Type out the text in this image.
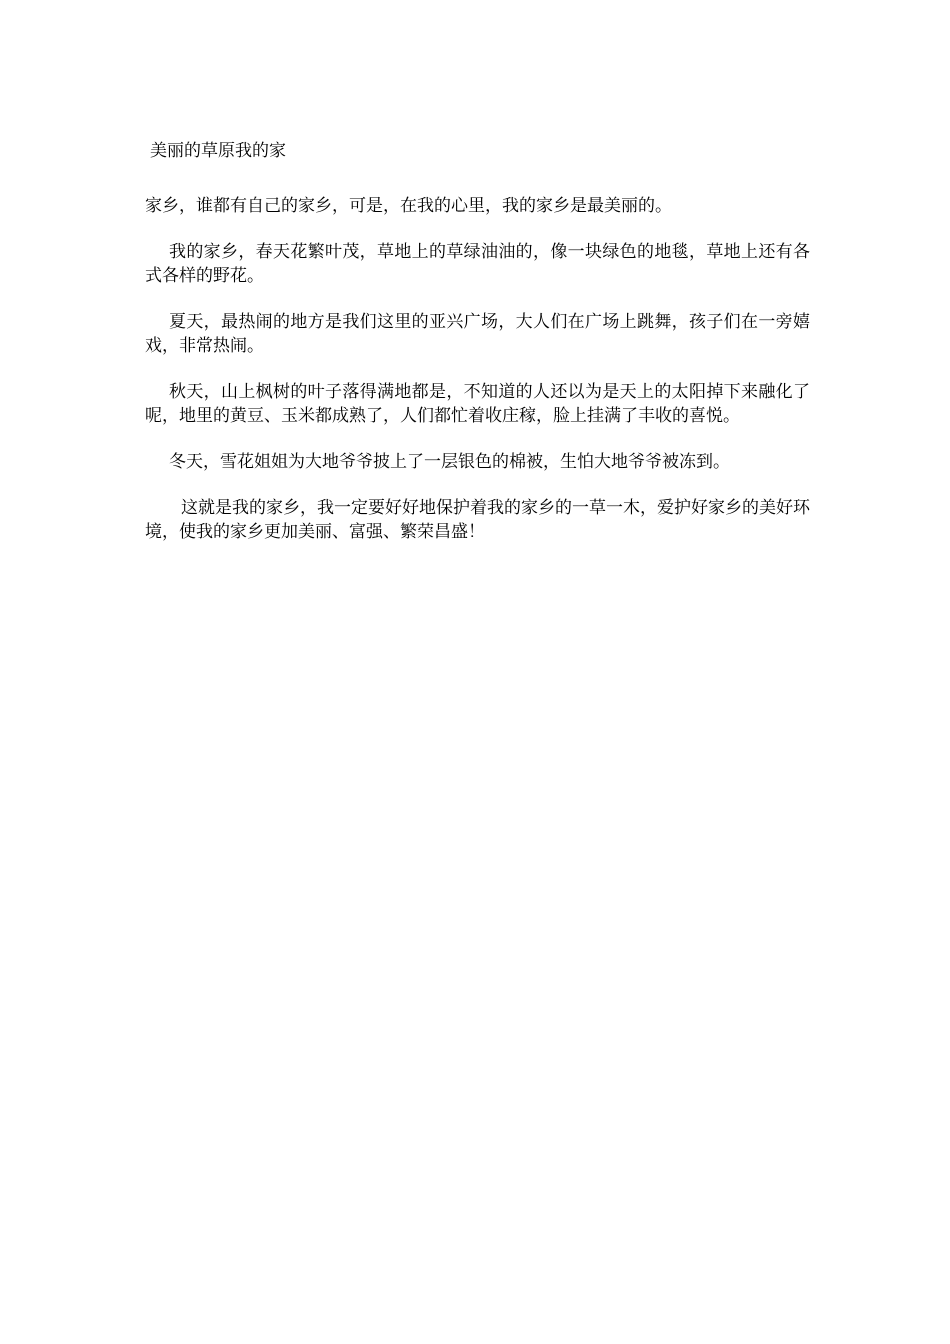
美丽的草原我的家

家乡，谁都有自己的家乡，可是，在我的心里，我的家乡是最美丽的。

我的家乡，春天花繁叶茂，草地上的草绿油油的，像一块绿色的地毯，草地上还有各式各样的野花。

夏天，最热闹的地方是我们这里的亚兴广场，大人们在广场上跳舞，孩子们在一旁嬉戏，非常热闹。

秋天，山上枫树的叶子落得满地都是，不知道的人还以为是天上的太阳掉下来融化了呢，地里的黄豆、玉米都成熟了，人们都忙着收庄稼，脸上挂满了丰收的喜悦。

冬天，雪花姐姐为大地爷爷披上了一层银色的棉被，生怕大地爷爷被冻到。

这就是我的家乡，我一定要好好地保护着我的家乡的一草一木，爱护好家乡的美好环境，使我的家乡更加美丽、富强、繁荣昌盛！
